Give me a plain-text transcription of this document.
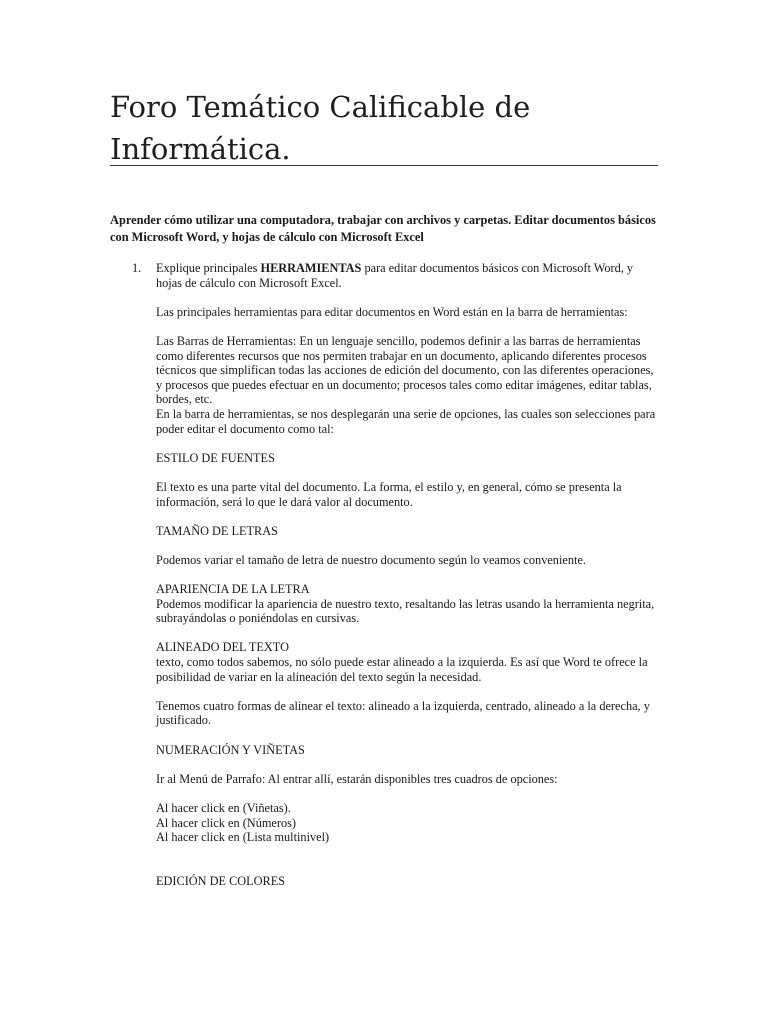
Foro Temático Calificable de Informática.

Aprender cómo utilizar una computadora, trabajar con archivos y carpetas. Editar documentos básicos con Microsoft Word, y hojas de cálculo con Microsoft Excel

1. Explique principales HERRAMIENTAS para editar documentos básicos con Microsoft Word, y hojas de cálculo con Microsoft Excel.

Las principales herramientas para editar documentos en Word están en la barra de herramientas:

Las Barras de Herramientas: En un lenguaje sencillo, podemos definir a las barras de herramientas como diferentes recursos que nos permiten trabajar en un documento, aplicando diferentes procesos técnicos que simplifican todas las acciones de edición del documento, con las diferentes operaciones, y procesos que puedes efectuar en un documento; procesos tales como editar imágenes, editar tablas, bordes, etc.

En la barra de herramientas, se nos desplegarán una serie de opciones, las cuales son selecciones para poder editar el documento como tal:

ESTILO DE FUENTES

El texto es una parte vital del documento. La forma, el estilo y, en general, cómo se presenta la información, será lo que le dará valor al documento.

TAMAÑO DE LETRAS

Podemos variar el tamaño de letra de nuestro documento según lo veamos conveniente.

APARIENCIA DE LA LETRA

Podemos modificar la apariencia de nuestro texto, resaltando las letras usando la herramienta negrita, subrayándolas o poniéndolas en cursivas.

ALINEADO DEL TEXTO

texto, como todos sabemos, no sólo puede estar alineado a la izquierda. Es así que Word te ofrece la posibilidad de variar en la alineación del texto según la necesidad.

Tenemos cuatro formas de alinear el texto: alineado a la izquierda, centrado, alineado a la derecha, y justificado.

NUMERACIÓN Y VIÑETAS

Ir al Menú de Parrafo: Al entrar allí, estarán disponibles tres cuadros de opciones:

Al hacer click en (Viñetas).

Al hacer click en (Números)

Al hacer click en (Lista multinivel)

EDICIÓN DE COLORES
